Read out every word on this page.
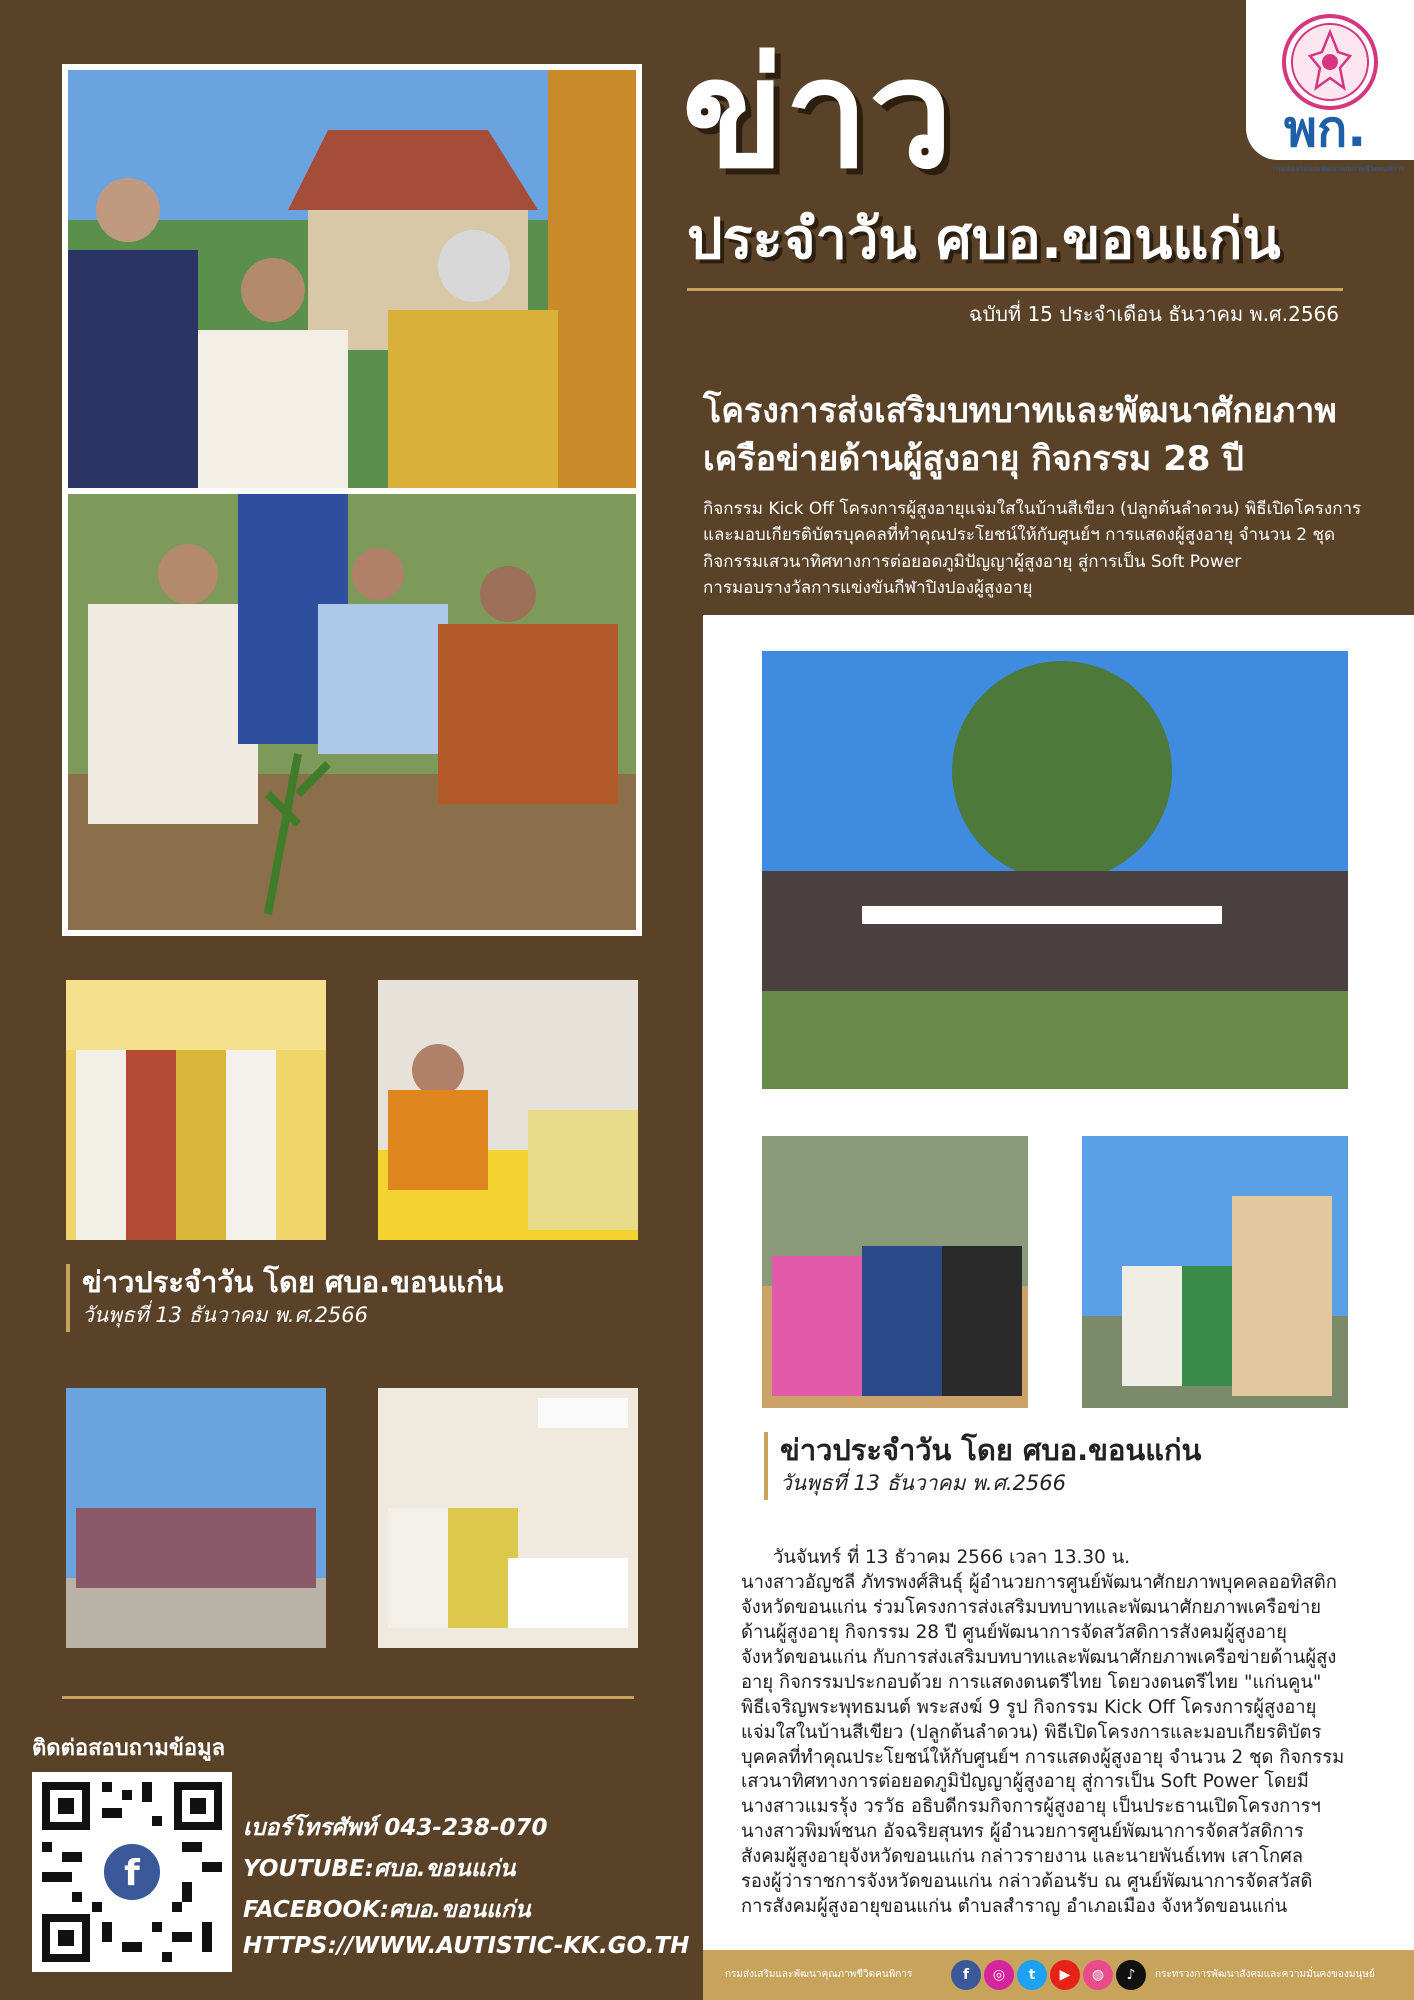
พก.
กรมส่งเสริมและพัฒนาคุณภาพชีวิตคนพิการ
ข่าว
ประจำวัน ศบอ.ขอนแก่น
ฉบับที่ 15 ประจำเดือน ธันวาคม พ.ศ.2566
ข่าวประจำวัน โดย ศบอ.ขอนแก่น
วันพุธที่ 13 ธันวาคม พ.ศ.2566
โครงการส่งเสริมบทบาทและพัฒนาศักยภาพ
เครือข่ายด้านผู้สูงอายุ กิจกรรม 28 ปี
กิจกรรม Kick Off โครงการผู้สูงอายุแจ่มใสในบ้านสีเขียว (ปลูกต้นลำดวน) พิธีเปิดโครงการ
และมอบเกียรติบัตรบุคคลที่ทำคุณประโยชน์ให้กับศูนย์ฯ การแสดงผู้สูงอายุ จำนวน 2 ชุด
กิจกรรมเสวนาทิศทางการต่อยอดภูมิปัญญาผู้สูงอายุ สู่การเป็น Soft Power
การมอบรางวัลการแข่งขันกีฬาปิงปองผู้สูงอายุ
ข่าวประจำวัน โดย ศบอ.ขอนแก่น
วันพุธที่ 13 ธันวาคม พ.ศ.2566
วันจันทร์ ที่ 13 ธัวาคม 2566 เวลา 13.30 น.
นางสาวอัญชลี ภัทรพงศ์สินธุ์ ผู้อำนวยการศูนย์พัฒนาศักยภาพบุคคลออทิสติก
จังหวัดขอนแก่น ร่วมโครงการส่งเสริมบทบาทและพัฒนาศักยภาพเครือข่าย
ด้านผู้สูงอายุ กิจกรรม 28 ปี ศูนย์พัฒนาการจัดสวัสดิการสังคมผู้สูงอายุ
จังหวัดขอนแก่น กับการส่งเสริมบทบาทและพัฒนาศักยภาพเครือข่ายด้านผู้สูง
อายุ กิจกรรมประกอบด้วย การแสดงดนตรีไทย โดยวงดนตรีไทย "แก่นคูน"
พิธีเจริญพระพุทธมนต์ พระสงฆ์ 9 รูป กิจกรรม Kick Off โครงการผู้สูงอายุ
แจ่มใสในบ้านสีเขียว (ปลูกต้นลำดวน) พิธีเปิดโครงการและมอบเกียรติบัตร
บุคคลที่ทำคุณประโยชน์ให้กับศูนย์ฯ การแสดงผู้สูงอายุ จำนวน 2 ชุด กิจกรรม
เสวนาทิศทางการต่อยอดภูมิปัญญาผู้สูงอายุ สู่การเป็น Soft Power โดยมี
นางสาวแมรรุ้ง วรวัธ อธิบดีกรมกิจการผู้สูงอายุ เป็นประธานเปิดโครงการฯ
นางสาวพิมพ์ชนก อัจฉริยสุนทร ผู้อำนวยการศูนย์พัฒนาการจัดสวัสดิการ
สังคมผู้สูงอายุจังหวัดขอนแก่น กล่าวรายงาน และนายพันธ์เทพ เสาโกศล
รองผู้ว่าราชการจังหวัดขอนแก่น กล่าวต้อนรับ ณ ศูนย์พัฒนาการจัดสวัสดิ
การสังคมผู้สูงอายุขอนแก่น ตำบลสำราญ อำเภอเมือง จังหวัดขอนแก่น
ติดต่อสอบถามข้อมูล
f
เบอร์โทรศัพท์ 043-238-070
YOUTUBE:ศบอ.ขอนแก่น
FACEBOOK:ศบอ.ขอนแก่น
HTTPS://WWW.AUTISTIC-KK.GO.TH
กรมส่งเสริมและพัฒนาคุณภาพชีวิตคนพิการ	f	◎	t	▶	◍	♪	กระทรวงการพัฒนาสังคมและความมั่นคงของมนุษย์
